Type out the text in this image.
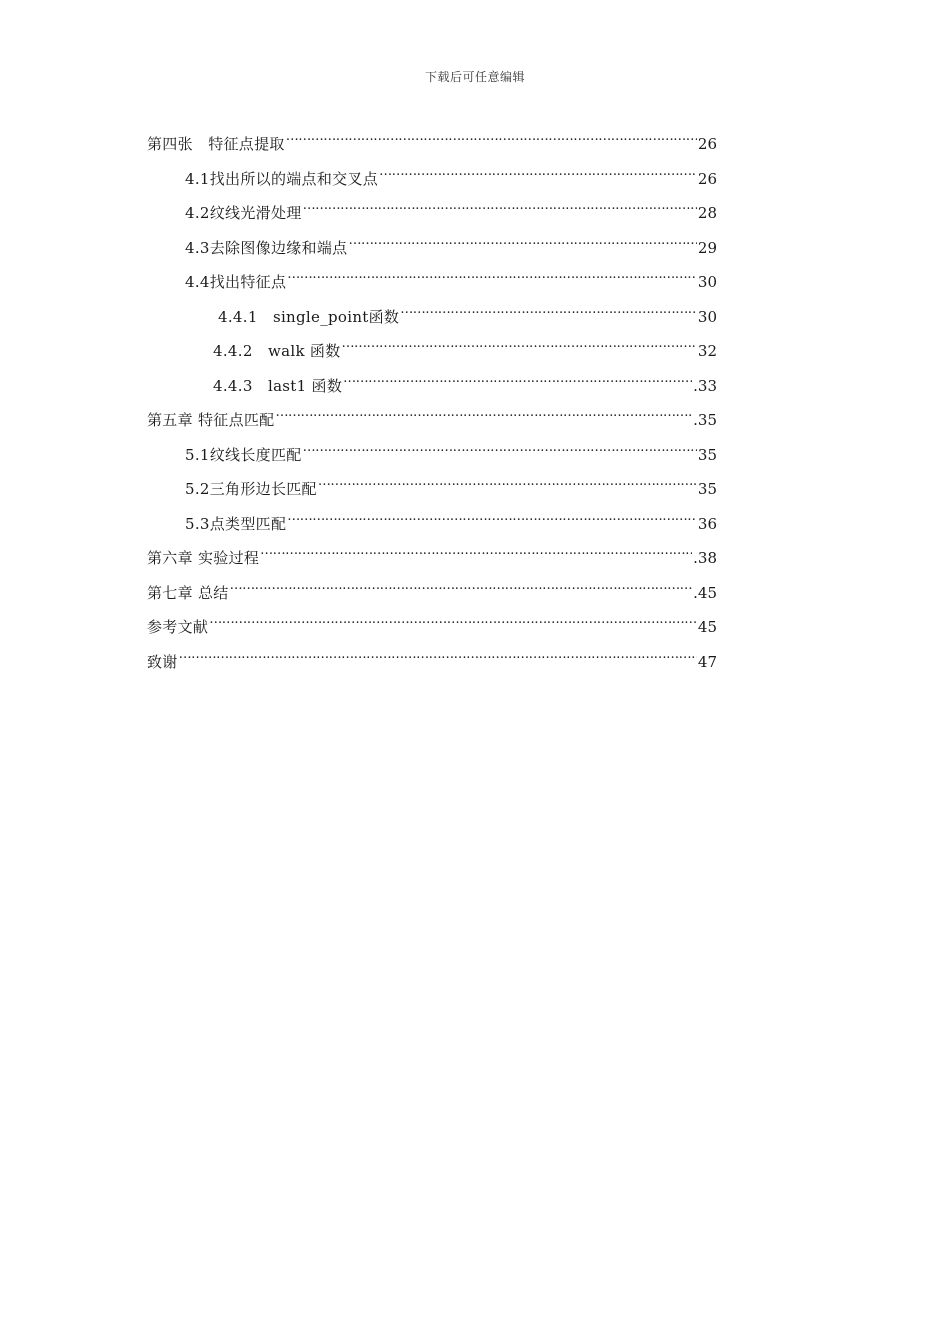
下载后可任意编辑
第四张　特征点提取 …………………………………………………………………………………………………………………………………………………………………………………………	26
4.1找出所以的端点和交叉点 …………………………………………………………………………………………………………………………………………………………………………………………	26
4.2纹线光滑处理 …………………………………………………………………………………………………………………………………………………………………………………………	28
4.3去除图像边缘和端点 …………………………………………………………………………………………………………………………………………………………………………………………	29
4.4找出特征点 …………………………………………………………………………………………………………………………………………………………………………………………	30
4.4.1　single_point函数 …………………………………………………………………………………………………………………………………………………………………………………………	30
4.4.2　walk 函数 …………………………………………………………………………………………………………………………………………………………………………………………	32
4.4.3　last1 函数 …………………………………………………………………………………………………………………………………………………………………………………………	.33
第五章 特征点匹配 …………………………………………………………………………………………………………………………………………………………………………………………	.35
5.1纹线长度匹配 …………………………………………………………………………………………………………………………………………………………………………………………	35
5.2三角形边长匹配 …………………………………………………………………………………………………………………………………………………………………………………………	35
5.3点类型匹配 …………………………………………………………………………………………………………………………………………………………………………………………	36
第六章 实验过程 …………………………………………………………………………………………………………………………………………………………………………………………	.38
第七章 总结 …………………………………………………………………………………………………………………………………………………………………………………………	.45
参考文献 …………………………………………………………………………………………………………………………………………………………………………………………	45
致谢 …………………………………………………………………………………………………………………………………………………………………………………………	47
